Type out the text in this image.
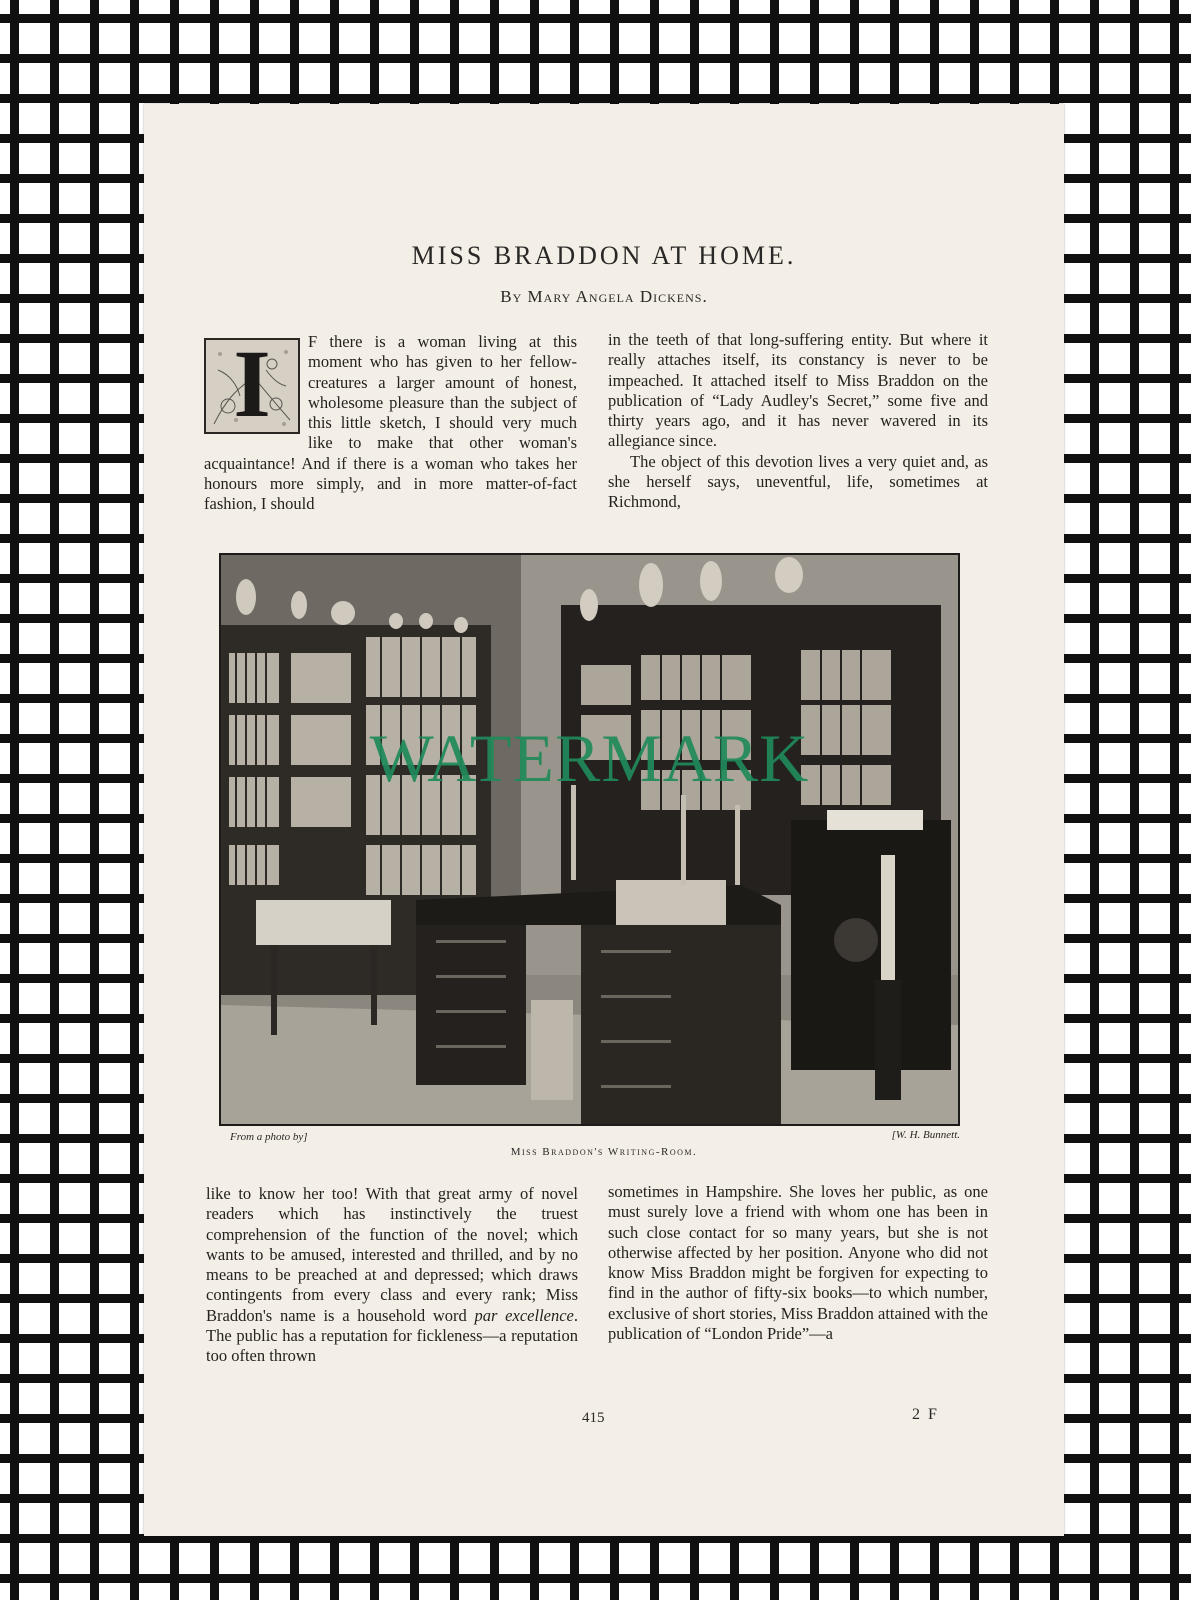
MISS BRADDON AT HOME.
By Mary Angela Dickens.
I	F there is a woman living at this moment who has given to her fellow-creatures a larger amount of honest, wholesome pleasure than the subject of this little sketch, I should very much like to make that other woman's acquaintance! And if there is a woman who takes her honours more simply, and in more matter-of-fact fashion, I should

in the teeth of that long-suffering entity. But where it really attaches itself, its constancy is never to be impeached. It attached itself to Miss Braddon on the publication of “Lady Audley's Secret,” some five and thirty years ago, and it has never wavered in its allegiance since.

The object of this devotion lives a very quiet and, as she herself says, uneventful, life, sometimes at Richmond,

WATERMARK
From a photo by]	[W. H. Bunnett.
Miss Braddon's Writing-Room.

like to know her too! With that great army of novel readers which has instinctively the truest comprehension of the function of the novel; which wants to be amused, interested and thrilled, and by no means to be preached at and depressed; which draws contingents from every class and every rank; Miss Braddon's name is a household word par excellence. The public has a reputation for fickleness—a reputation too often thrown

sometimes in Hampshire. She loves her public, as one must surely love a friend with whom one has been in such close contact for so many years, but she is not otherwise affected by her position. Anyone who did not know Miss Braddon might be forgiven for expecting to find in the author of fifty-six books—to which number, exclusive of short stories, Miss Braddon attained with the publication of “London Pride”—a

415	2 F
